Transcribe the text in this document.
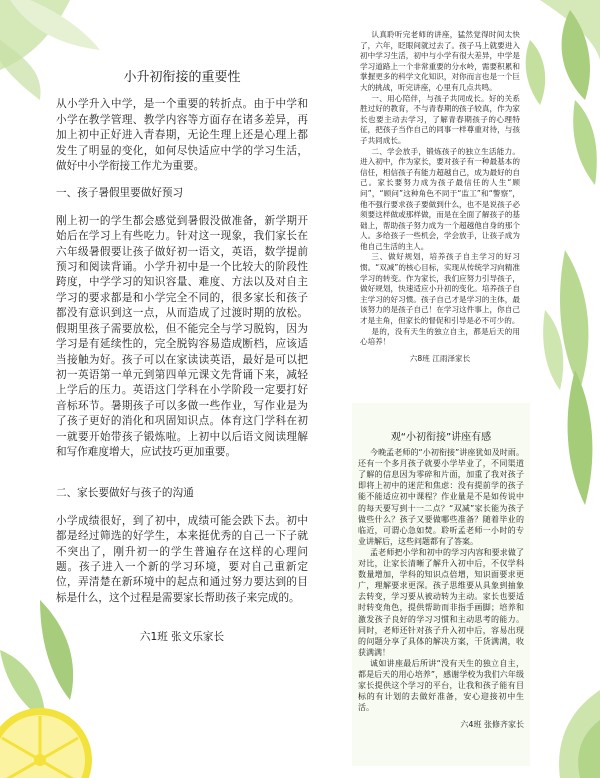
小升初衔接的重要性

从小学升入中学，是一个重要的转折点。由于中学和小学在教学管理、教学内容等方面存在诸多差异，再加上初中正好进入青春期，无论生理上还是心理上都发生了明显的变化，如何尽快适应中学的学习生活，做好中小学衔接工作尤为重要。

一、孩子暑假里要做好预习

刚上初一的学生都会感觉到暑假没做准备，新学期开始后在学习上有些吃力。针对这一现象，我们家长在六年级暑假要让孩子做好初一语文，英语，数学提前预习和阅读背诵。小学升初中是一个比较大的阶段性跨度，中学学习的知识容量、难度、方法以及对自主学习的要求都是和小学完全不同的，很多家长和孩子都没有意识到这一点，从而造成了过渡时期的放松。假期里孩子需要放松，但不能完全与学习脱钩，因为学习是有延续性的，完全脱钩容易造成断档，应该适当接触为好。孩子可以在家读读英语，最好是可以把初一英语第一单元到第四单元课文先背诵下来，减轻上学后的压力。英语这门学科在小学阶段一定要打好音标环节。暑期孩子可以多做一些作业，写作业是为了孩子更好的消化和巩固知识点。体育这门学科在初一就要开始带孩子锻炼啦。上初中以后语文阅读理解和写作难度增大，应试技巧更加重要。

二、家长要做好与孩子的沟通

小学成绩很好，到了初中，成绩可能会跌下去。初中都是经过筛选的好学生，本来挺优秀的自己一下子就不突出了，刚升初一的学生普遍存在这样的心理问题。孩子进入一个新的学习环境，要对自己重新定位，弄清楚在新环境中的起点和通过努力要达到的目标是什么，这个过程是需要家长帮助孩子来完成的。

六1班 张文乐家长

认真聆听完老师的讲座，猛然觉得时间太快了，六年，眨眼间就过去了。孩子马上就要进入初中学习生活，初中与小学有很大差异，中学是学习道路上一个非常重要的分水岭，需要积累和掌握更多的科学文化知识，对你而言也是一个巨大的挑战，听完讲座，心里有几点共鸣。

一、用心陪伴，与孩子共同成长。好的关系胜过好的教育，不与青春期的孩子较真，作为家长也要主动去学习，了解青春期孩子的心理特征，把孩子当作自己的同事一样尊重对待，与孩子共同成长。

二、学会放手，锻炼孩子的独立生活能力。进入初中，作为家长，要对孩子有一种最基本的信任，相信孩子有能力超越自己，成为最好的自己。家长要努力成为孩子最信任的人生“顾问”，“顾问”这种角色不同于“监工”和“警察”，他不强行要求孩子要做到什么，也不是说孩子必须要这样做或那样做，而是在全面了解孩子的基础上，帮助孩子努力成为一个超越他自身的那个人。多给孩子一些机会，学会放手，让孩子成为他自己生活的主人。

三、做好规划，培养孩子自主学习的好习惯。“双减”的核心目标，实现从传统学习向精准学习的转变。作为家长，我们应努力引导孩子，做好规划，快速适应小升初的变化。培养孩子自主学习的好习惯。孩子自己才是学习的主体，最该努力的是孩子自己！在学习这件事上，你自己才是主角，但家长的督促和引导是必不可少的。

是的，没有天生的独立自主，都是后天的用心培养！

六8班 江雨泽家长

观“小初衔接”讲座有感

今晚孟老师的“小初衔接”讲座犹如及时雨。还有一个多月孩子就要小学毕业了，不同渠道了解的信息因为零碎和片面，加重了我对孩子即将上初中的迷茫和焦虑：没有提前学的孩子能不能适应初中课程？作业量是不是如传说中的每天要写到十一二点？“双减”家长能为孩子做些什么？孩子又要做哪些准备？随着毕业的临近，可谓心急如焚。聆听孟老师一小时的专业讲解后，这些问题都有了答案。

孟老师把小学和初中的学习内容和要求做了对比，让家长清晰了解升入初中后，不仅学科数量增加，学科的知识点倍增，知识面要求更广，理解要求更深。孩子思维要从具象到抽象去转变，学习要从被动转为主动。家长也要适时转变角色，提供帮助而非指手画脚；培养和激发孩子良好的学习习惯和主动思考的能力。同时，老师还针对孩子升入初中后，容易出现的问题分享了具体的解决方案，干货满满，收获满满！

诚如讲座最后所讲“没有天生的独立自主，都是后天的用心培养”，感谢学校为我们六年级家长提供这个学习的平台，让我和孩子能有目标的有计划的去做好准备，安心迎接初中生活。

六4班 张修齐家长
